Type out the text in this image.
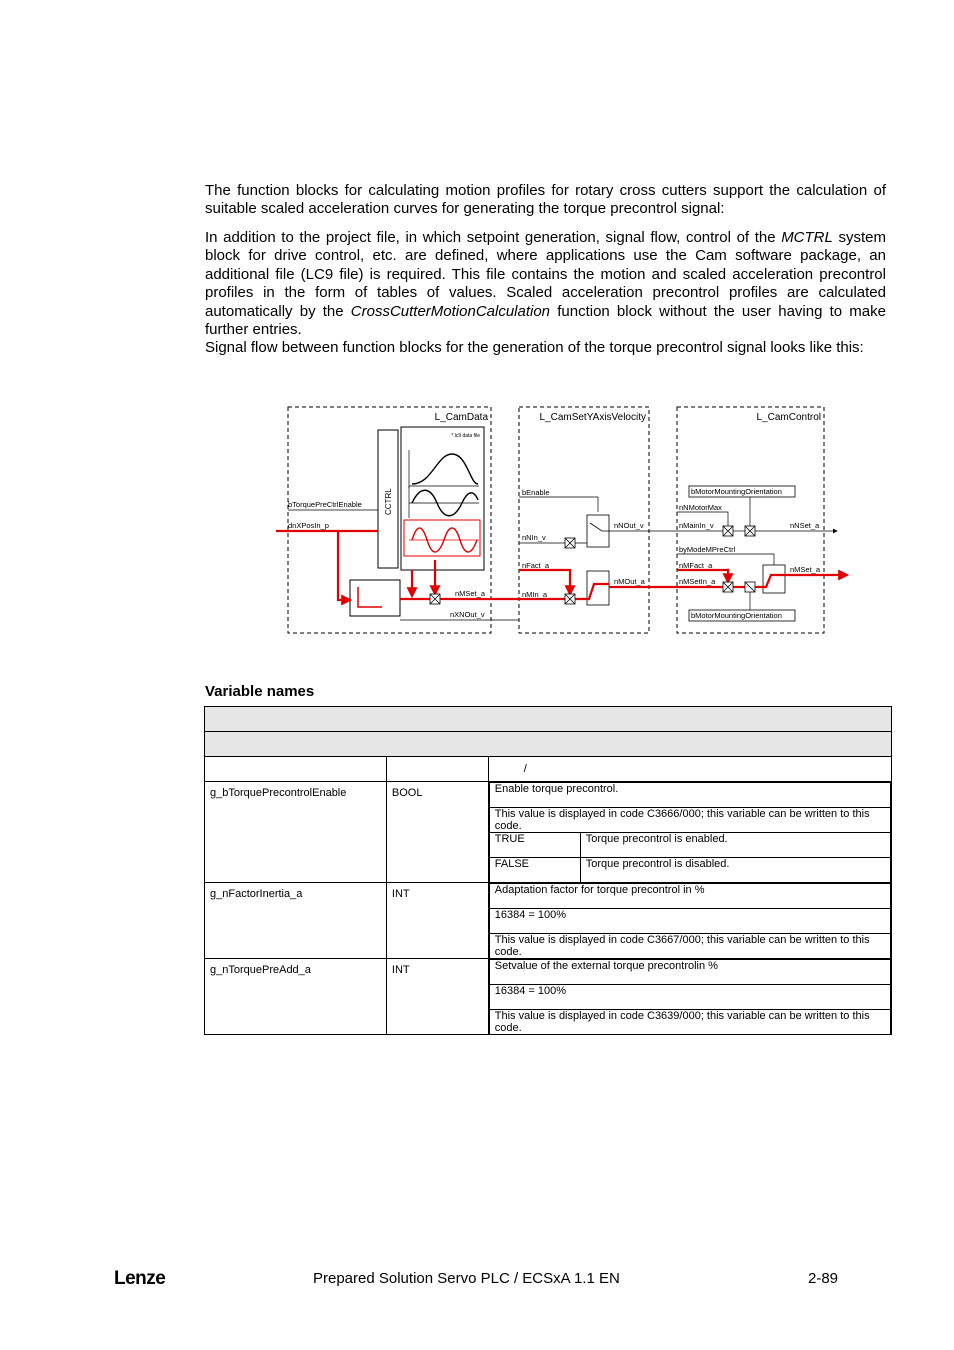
The function blocks for calculating motion profiles for rotary cross cutters support the calculation of suitable scaled acceleration curves for generating the torque precontrol signal:

In addition to the project file, in which setpoint generation, signal flow, control of the MCTRL system block for drive control, etc. are defined, where applications use the Cam software package, an additional file (LC9 file) is required. This file contains the motion and scaled acceleration precontrol profiles in the form of tables of values. Scaled acceleration precontrol profiles are calculated automatically by the CrossCutterMotionCalculation function block without the user having to make further entries.

Signal flow between function blocks for the generation of the torque precontrol signal looks like this:

L_CamData	L_CamSetYAxisVelocity	L_CamControl
CCTRL
*.lc9 data file
bTorquePreCtrlEnable
dnXPosIn_p
nMSet_a
nXNOut_v
bEnable
nNIn_v
nFact_a
nMIn_a
nNOut_v
nMOut_a
bMotorMountingOrientation
nNMotorMax
nMainIn_v	nNSet_a
byModeMPreCtrl
nMFact_a
nMSetIn_a
nMSet_a
bMotorMountingOrientation

Variable names

		/

g_bTorquePrecontrolEnable	BOOL
		Enable torque precontrol.
This value is displayed in code C3666/000; this variable can be written to this code.
TRUE	Torque precontrol is enabled.
FALSE	Torque precontrol is disabled.

g_nFactorInertia_a	INT
		Adaptation factor for torque precontrol in %
16384 = 100%
This value is displayed in code C3667/000; this variable can be written to this code.

g_nTorquePreAdd_a	INT
		Setvalue of the external torque precontrolin %
16384 = 100%
This value is displayed in code C3639/000; this variable can be written to this code.
Lenze	Prepared Solution Servo PLC / ECSxA 1.1 EN	2-89
